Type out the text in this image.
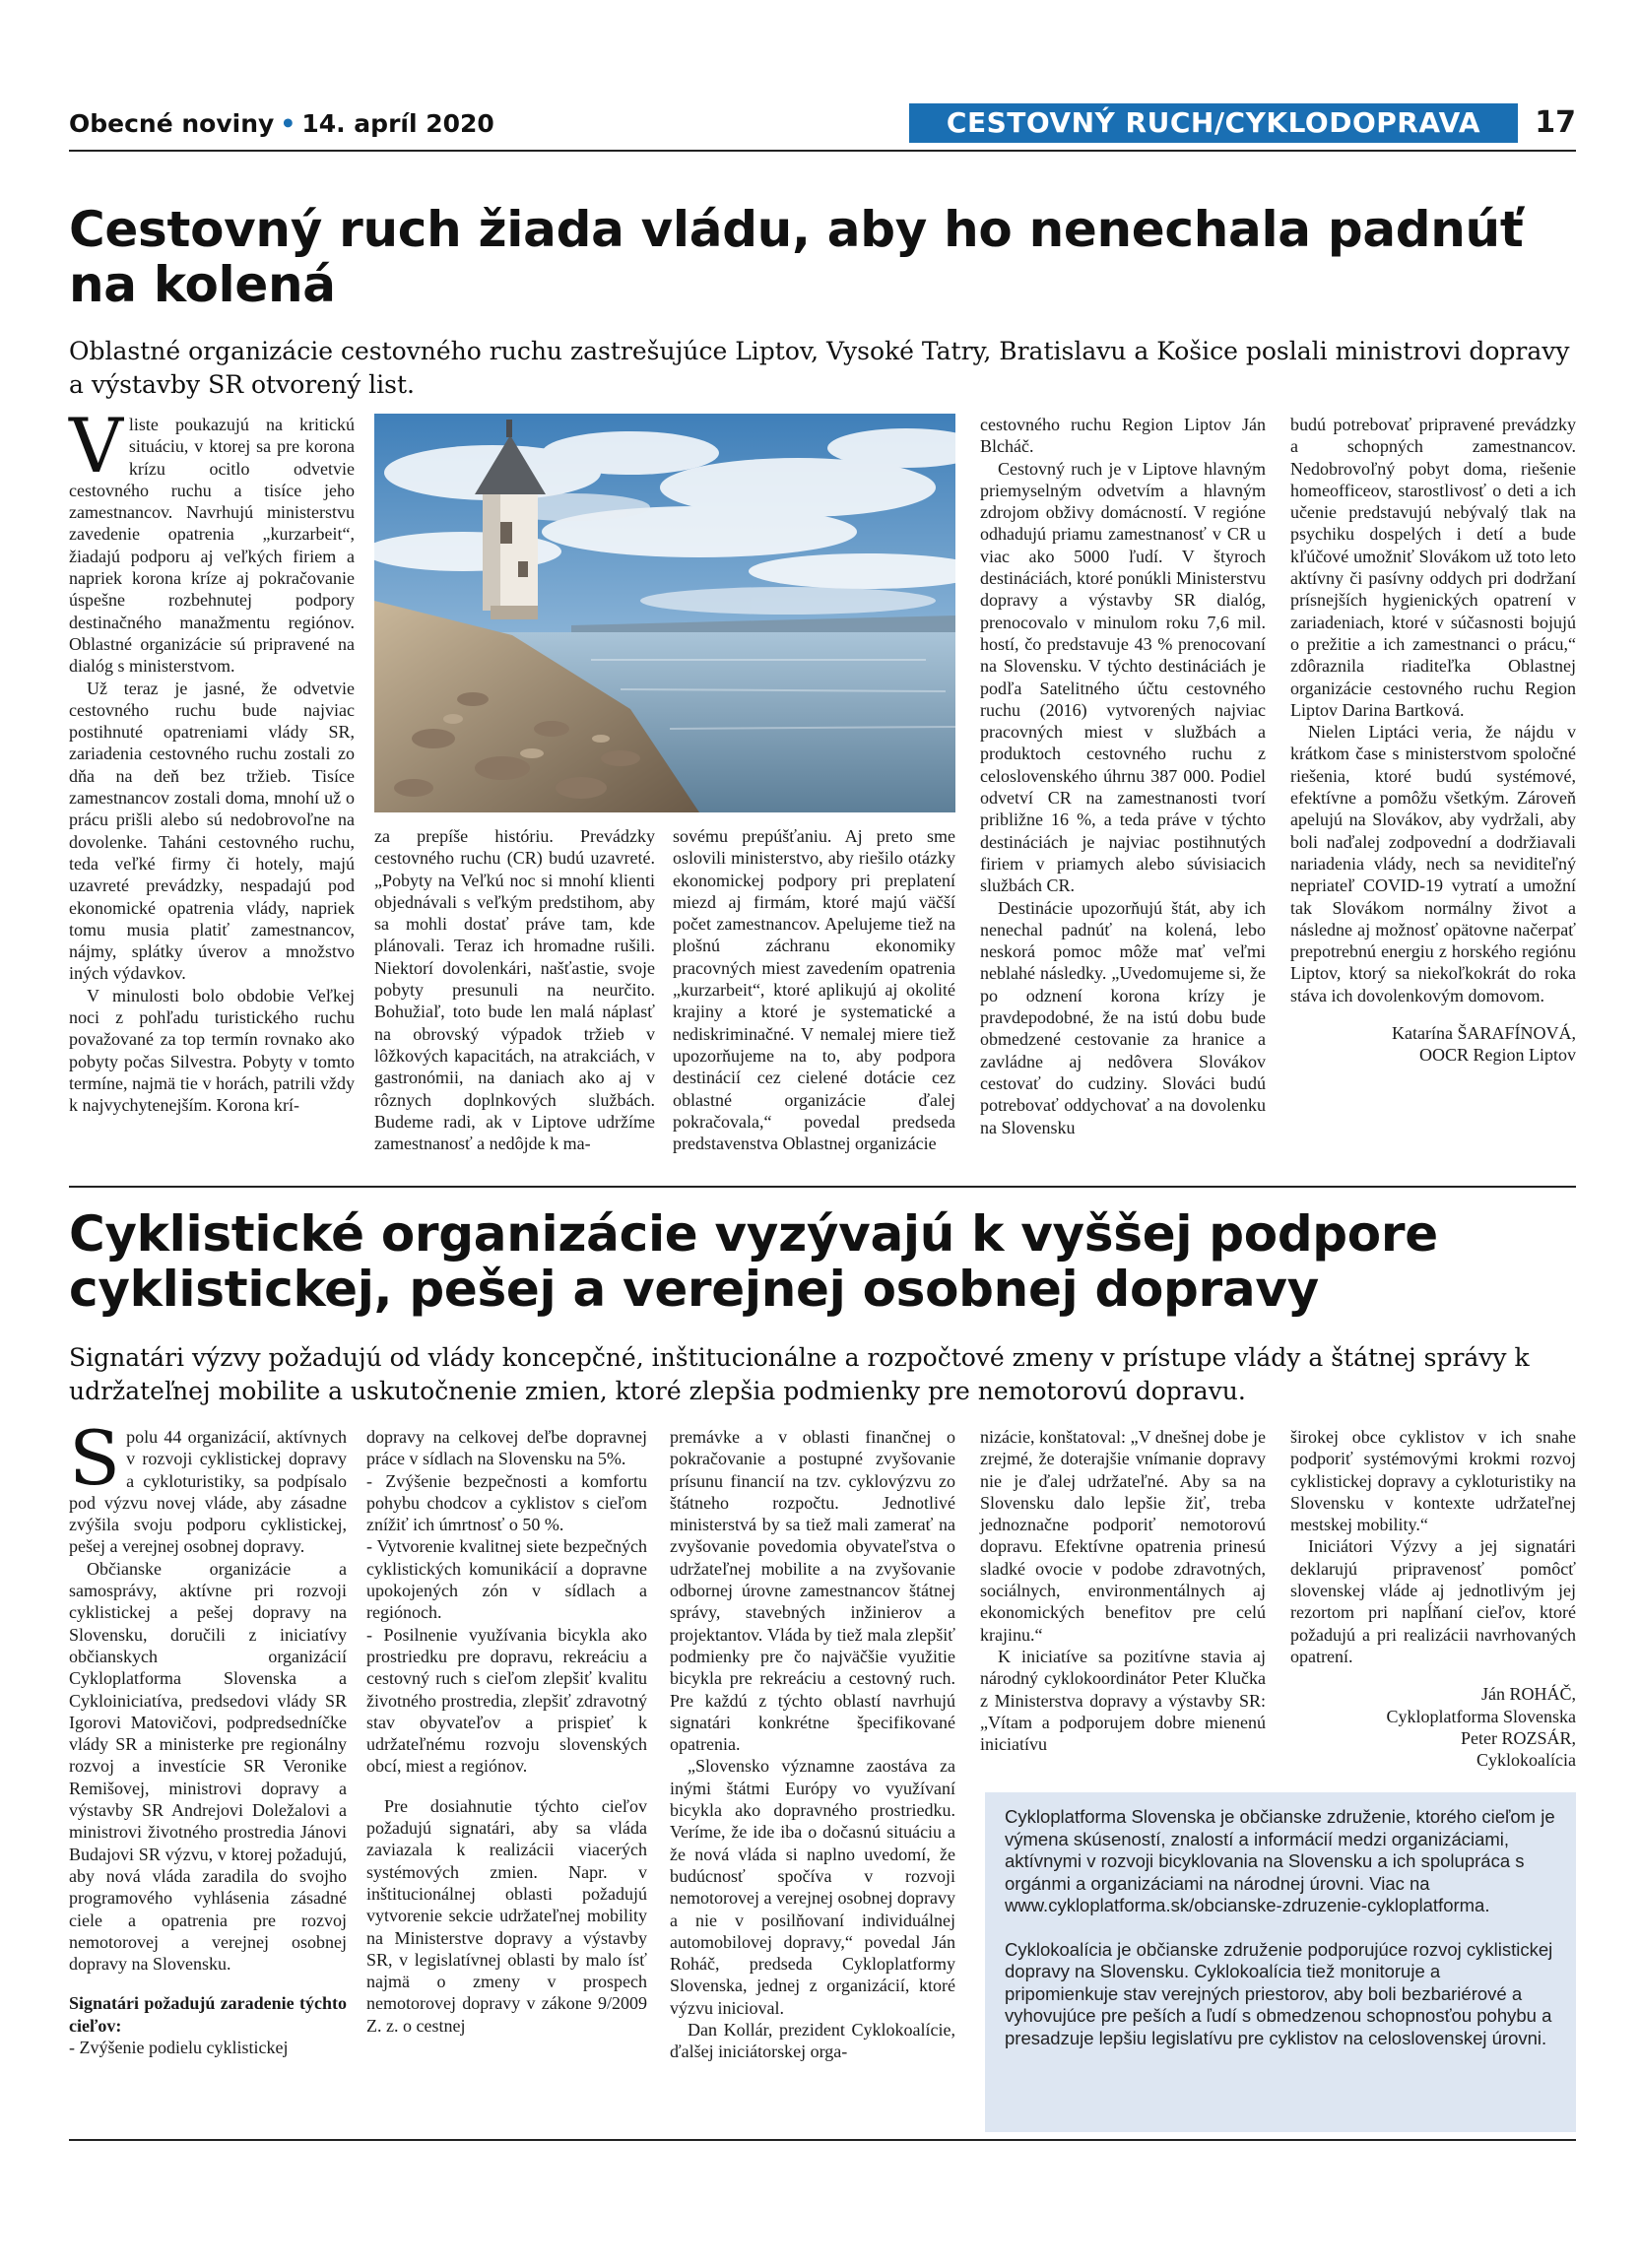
Obecné noviny • 14. apríl 2020	CESTOVNÝ RUCH/CYKLODOPRAVA	17
Cestovný ruch žiada vládu, aby ho nenechala padnúť na kolená

Oblastné organizácie cestovného ruchu zastrešujúce Liptov, Vysoké Tatry, Bratislavu a Košice poslali ministrovi dopravy a výstavby SR otvorený list.

Vliste poukazujú na kritickú situáciu, v ktorej sa pre korona krízu ocitlo odvetvie cestovného ruchu a tisíce jeho zamestnancov. Navrhujú ministerstvu zavedenie opatrenia „kurzarbeit“, žiadajú podporu aj veľkých firiem a napriek korona kríze aj pokračovanie úspešne rozbehnutej podpory destinačného manažmentu regiónov. Oblastné organizácie sú pripravené na dialóg s ministerstvom.

Už teraz je jasné, že odvetvie cestovného ruchu bude najviac postihnuté opatreniami vlády SR, zariadenia cestovného ruchu zostali zo dňa na deň bez tržieb. Tisíce zamestnancov zostali doma, mnohí už o prácu prišli alebo sú nedobrovoľne na dovolenke. Taháni cestovného ruchu, teda veľké firmy či hotely, majú uzavreté prevádzky, nespadajú pod ekonomické opatrenia vlády, napriek tomu musia platiť zamestnancov, nájmy, splátky úverov a množstvo iných výdavkov.

V minulosti bolo obdobie Veľkej noci z pohľadu turistického ruchu považované za top termín rovnako ako pobyty počas Silvestra. Pobyty v tomto termíne, najmä tie v horách, patrili vždy k najvychytenejším. Korona krí-

za prepíše históriu. Prevádzky cestovného ruchu (CR) budú uzavreté. „Pobyty na Veľkú noc si mnohí klienti objednávali s veľkým predstihom, aby sa mohli dostať práve tam, kde plánovali. Teraz ich hromadne rušili. Niektorí dovolenkári, našťastie, svoje pobyty presunuli na neurčito. Bohužiaľ, toto bude len malá náplasť na obrovský výpadok tržieb v lôžkových kapacitách, na atrakciách, v gastronómii, na daniach ako aj v rôznych doplnkových službách. Budeme radi, ak v Liptove udržíme zamestnanosť a nedôjde k ma-

sovému prepúšťaniu. Aj preto sme oslovili ministerstvo, aby riešilo otázky ekonomickej podpory pri preplatení miezd aj firmám, ktoré majú väčší počet zamestnancov. Apelujeme tiež na plošnú záchranu ekonomiky pracovných miest zavedením opatrenia „kurzarbeit“, ktoré aplikujú aj okolité krajiny a ktoré je systematické a nediskriminačné. V nemalej miere tiež upozorňujeme na to, aby podpora destinácií cez cielené dotácie cez oblastné organizácie ďalej pokračovala,“ povedal predseda predstavenstva Oblastnej organizácie

cestovného ruchu Region Liptov Ján Blcháč.

Cestovný ruch je v Liptove hlavným priemyselným odvetvím a hlavným zdrojom obživy domácností. V regióne odhadujú priamu zamestnanosť v CR u viac ako 5000 ľudí. V štyroch destináciách, ktoré ponúkli Ministerstvu dopravy a výstavby SR dialóg, prenocovalo v minulom roku 7,6 mil. hostí, čo predstavuje 43 % prenocovaní na Slovensku. V týchto destináciách je podľa Satelitného účtu cestovného ruchu (2016) vytvorených najviac pracovných miest v službách a produktoch cestovného ruchu z celoslovenského úhrnu 387 000. Podiel odvetví CR na zamestnanosti tvorí približne 16 %, a teda práve v týchto destináciách je najviac postihnutých firiem v priamych alebo súvisiacich službách CR.

Destinácie upozorňujú štát, aby ich nenechal padnúť na kolená, lebo neskorá pomoc môže mať veľmi neblahé následky. „Uvedomujeme si, že po odznení korona krízy je pravdepodobné, že na istú dobu bude obmedzené cestovanie za hranice a zavládne aj nedôvera Slovákov cestovať do cudziny. Slováci budú potrebovať oddychovať a na dovolenku na Slovensku

budú potrebovať pripravené prevádzky a schopných zamestnancov. Nedobrovoľný pobyt doma, riešenie homeofficeov, starostlivosť o deti a ich učenie predstavujú nebývalý tlak na psychiku dospelých i detí a bude kľúčové umožniť Slovákom už toto leto aktívny či pasívny oddych pri dodržaní prísnejších hygienických opatrení v zariadeniach, ktoré v súčasnosti bojujú o prežitie a ich zamestnanci o prácu,“ zdôraznila riaditeľka Oblastnej organizácie cestovného ruchu Region Liptov Darina Bartková.

Nielen Liptáci veria, že nájdu v krátkom čase s ministerstvom spoločné riešenia, ktoré budú systémové, efektívne a pomôžu všetkým. Zároveň apelujú na Slovákov, aby vydržali, aby boli naďalej zodpovední a dodržiavali nariadenia vlády, nech sa neviditeľný nepriateľ COVID-19 vytratí a umožní tak Slovákom normálny život a následne aj možnosť opätovne načerpať prepotrebnú energiu z horského regiónu Liptov, ktorý sa niekoľkokrát do roka stáva ich dovolenkovým domovom.

Katarína ŠARAFÍNOVÁ,

OOCR Region Liptov

Cyklistické organizácie vyzývajú k vyššej podpore cyklistickej, pešej a verejnej osobnej dopravy

Signatári výzvy požadujú od vlády koncepčné, inštitucionálne a rozpočtové zmeny v prístupe vlády a štátnej správy k udržateľnej mobilite a uskutočnenie zmien, ktoré zlepšia podmienky pre nemotorovú dopravu.

Spolu 44 organizácií, aktívnych v rozvoji cyklistickej dopravy a cykloturistiky, sa podpísalo pod výzvu novej vláde, aby zásadne zvýšila svoju podporu cyklistickej, pešej a verejnej osobnej dopravy.

Občianske organizácie a samosprávy, aktívne pri rozvoji cyklistickej a pešej dopravy na Slovensku, doručili z iniciatívy občianskych organizácií Cykloplatforma Slovenska a Cykloiniciatíva, predsedovi vlády SR Igorovi Matovičovi, podpredsedníčke vlády SR a ministerke pre regionálny rozvoj a investície SR Veronike Remišovej, ministrovi dopravy a výstavby SR Andrejovi Doležalovi a ministrovi životného prostredia Jánovi Budajovi SR výzvu, v ktorej požadujú, aby nová vláda zaradila do svojho programového vyhlásenia zásadné ciele a opatrenia pre rozvoj nemotorovej a verejnej osobnej dopravy na Slovensku.

Signatári požadujú zaradenie týchto cieľov:

- Zvýšenie podielu cyklistickej

dopravy na celkovej deľbe dopravnej práce v sídlach na Slovensku na 5%.

- Zvýšenie bezpečnosti a komfortu pohybu chodcov a cyklistov s cieľom znížiť ich úmrtnosť o 50 %.

- Vytvorenie kvalitnej siete bezpečných cyklistických komunikácií a dopravne upokojených zón v sídlach a regiónoch.

- Posilnenie využívania bicykla ako prostriedku pre dopravu, rekreáciu a cestovný ruch s cieľom zlepšiť kvalitu životného prostredia, zlepšiť zdravotný stav obyvateľov a prispieť k udržateľnému rozvoju slovenských obcí, miest a regiónov.

Pre dosiahnutie týchto cieľov požadujú signatári, aby sa vláda zaviazala k realizácii viacerých systémových zmien. Napr. v inštitucionálnej oblasti požadujú vytvorenie sekcie udržateľnej mobility na Ministerstve dopravy a výstavby SR, v legislatívnej oblasti by malo ísť najmä o zmeny v prospech nemotorovej dopravy v zákone 9/2009 Z. z. o cestnej

premávke a v oblasti finančnej o pokračovanie a postupné zvyšovanie prísunu financií na tzv. cyklovýzvu zo štátneho rozpočtu. Jednotlivé ministerstvá by sa tiež mali zamerať na zvyšovanie povedomia obyvateľstva o udržateľnej mobilite a na zvyšovanie odbornej úrovne zamestnancov štátnej správy, stavebných inžinierov a projektantov. Vláda by tiež mala zlepšiť podmienky pre čo najväčšie využitie bicykla pre rekreáciu a cestovný ruch. Pre každú z týchto oblastí navrhujú signatári konkrétne špecifikované opatrenia.

„Slovensko významne zaostáva za inými štátmi Európy vo využívaní bicykla ako dopravného prostriedku. Veríme, že ide iba o dočasnú situáciu a že nová vláda si naplno uvedomí, že budúcnosť spočíva v rozvoji nemotorovej a verejnej osobnej dopravy a nie v posilňovaní individuálnej automobilovej dopravy,“ povedal Ján Roháč, predseda Cykloplatformy Slovenska, jednej z organizácií, ktoré výzvu inicioval.

Dan Kollár, prezident Cyklokoalície, ďalšej iniciátorskej orga-

nizácie, konštatoval: „V dnešnej dobe je zrejmé, že doterajšie vnímanie dopravy nie je ďalej udržateľné. Aby sa na Slovensku dalo lepšie žiť, treba jednoznačne podporiť nemotorovú dopravu. Efektívne opatrenia prinesú sladké ovocie v podobe zdravotných, sociálnych, environmentálnych aj ekonomických benefitov pre celú krajinu.“

K iniciatíve sa pozitívne stavia aj národný cyklokoordinátor Peter Klučka z Ministerstva dopravy a výstavby SR: „Vítam a podporujem dobre mienenú iniciatívu

širokej obce cyklistov v ich snahe podporiť systémovými krokmi rozvoj cyklistickej dopravy a cykloturistiky na Slovensku v kontexte udržateľnej mestskej mobility.“

Iniciátori Výzvy a jej signatári deklarujú pripravenosť pomôcť slovenskej vláde aj jednotlivým jej rezortom pri napĺňaní cieľov, ktoré požadujú a pri realizácii navrhovaných opatrení.

Ján ROHÁČ,

Cykloplatforma Slovenska

Peter ROZSÁR,

Cyklokoalícia

Cykloplatforma Slovenska je občianske združenie, ktorého cieľom je výmena skúseností, znalostí a informácií medzi organizáciami, aktívnymi v rozvoji bicyklovania na Slovensku a ich spolupráca s orgánmi a organizáciami na národnej úrovni. Viac na www.cykloplatforma.sk/obcianske-zdruzenie-cykloplatforma.

Cyklokoalícia je občianske združenie podporujúce rozvoj cyklistickej dopravy na Slovensku. Cyklokoalícia tiež monitoruje a pripomienkuje stav verejných priestorov, aby boli bezbariérové a vyhovujúce pre peších a ľudí s obmedzenou schopnosťou pohybu a presadzuje lepšiu legislatívu pre cyklistov na celoslovenskej úrovni.
